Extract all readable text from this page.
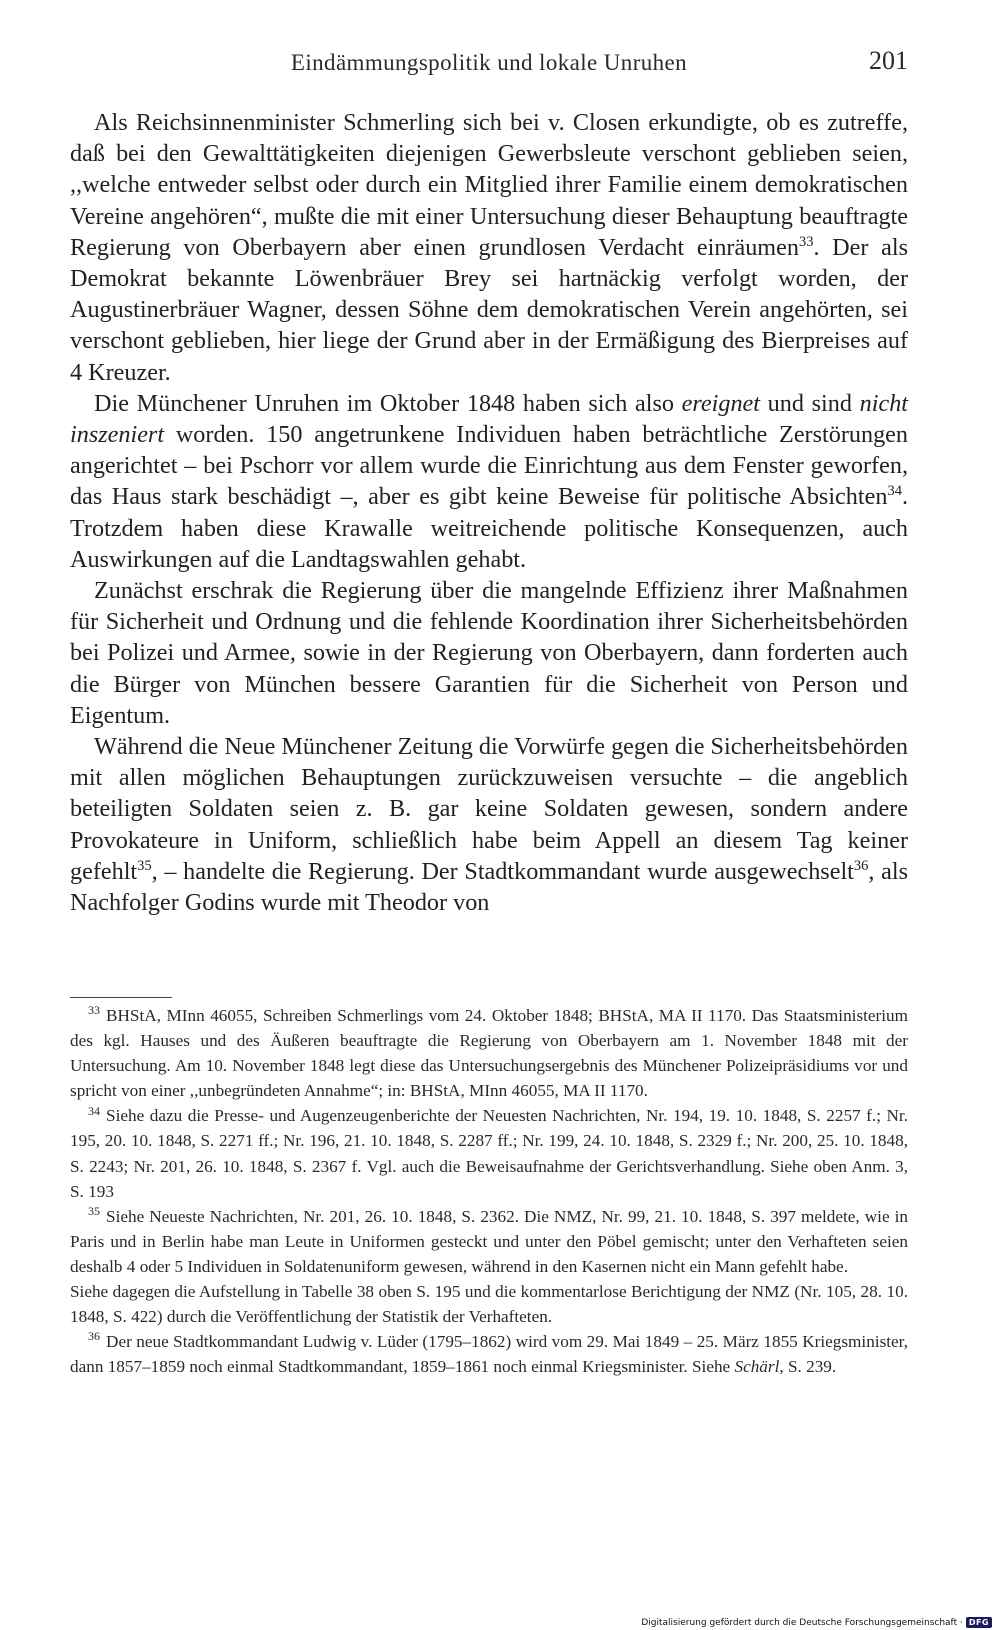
Eindämmungspolitik und lokale Unruhen	201

Als Reichsinnenminister Schmerling sich bei v. Closen erkundigte, ob es zutreffe, daß bei den Gewalttätigkeiten diejenigen Gewerbsleute verschont geblieben seien, ,,welche entweder selbst oder durch ein Mitglied ihrer Familie einem demokratischen Vereine angehören“, mußte die mit einer Untersuchung dieser Behauptung beauftragte Regierung von Oberbayern aber einen grundlosen Verdacht einräumen$^{33}$. Der als Demokrat bekannte Löwenbräuer Brey sei hartnäckig verfolgt worden, der Augustinerbräuer Wagner, dessen Söhne dem demokratischen Verein angehörten, sei verschont geblieben, hier liege der Grund aber in der Ermäßigung des Bierpreises auf 4 Kreuzer.

Die Münchener Unruhen im Oktober 1848 haben sich also ereignet und sind nicht inszeniert worden. 150 angetrunkene Individuen haben beträchtliche Zerstörungen angerichtet – bei Pschorr vor allem wurde die Einrichtung aus dem Fenster geworfen, das Haus stark beschädigt –, aber es gibt keine Beweise für politische Absichten$^{34}$. Trotzdem haben diese Krawalle weitreichende politische Konsequenzen, auch Auswirkungen auf die Landtagswahlen gehabt.

Zunächst erschrak die Regierung über die mangelnde Effizienz ihrer Maßnahmen für Sicherheit und Ordnung und die fehlende Koordination ihrer Sicherheitsbehörden bei Polizei und Armee, sowie in der Regierung von Oberbayern, dann forderten auch die Bürger von München bessere Garantien für die Sicherheit von Person und Eigentum.

Während die Neue Münchener Zeitung die Vorwürfe gegen die Sicherheitsbehörden mit allen möglichen Behauptungen zurückzuweisen versuchte – die angeblich beteiligten Soldaten seien z. B. gar keine Soldaten gewesen, sondern andere Provokateure in Uniform, schließlich habe beim Appell an diesem Tag keiner gefehlt$^{35}$, – handelte die Regierung. Der Stadtkommandant wurde ausgewechselt$^{36}$, als Nachfolger Godins wurde mit Theodor von

$^{33}$ BHStA, MInn 46055, Schreiben Schmerlings vom 24. Oktober 1848; BHStA, MA II 1170. Das Staatsministerium des kgl. Hauses und des Äußeren beauftragte die Regierung von Oberbayern am 1. November 1848 mit der Untersuchung. Am 10. November 1848 legt diese das Untersuchungsergebnis des Münchener Polizeipräsidiums vor und spricht von einer ,,unbegründeten Annahme“; in: BHStA, MInn 46055, MA II 1170.

$^{34}$ Siehe dazu die Presse- und Augenzeugenberichte der Neuesten Nachrichten, Nr. 194, 19. 10. 1848, S. 2257 f.; Nr. 195, 20. 10. 1848, S. 2271 ff.; Nr. 196, 21. 10. 1848, S. 2287 ff.; Nr. 199, 24. 10. 1848, S. 2329 f.; Nr. 200, 25. 10. 1848, S. 2243; Nr. 201, 26. 10. 1848, S. 2367 f. Vgl. auch die Beweisaufnahme der Gerichtsverhandlung. Siehe oben Anm. 3, S. 193

$^{35}$ Siehe Neueste Nachrichten, Nr. 201, 26. 10. 1848, S. 2362. Die NMZ, Nr. 99, 21. 10. 1848, S. 397 meldete, wie in Paris und in Berlin habe man Leute in Uniformen gesteckt und unter den Pöbel gemischt; unter den Verhafteten seien deshalb 4 oder 5 Individuen in Soldatenuniform gewesen, während in den Kasernen nicht ein Mann gefehlt habe.

Siehe dagegen die Aufstellung in Tabelle 38 oben S. 195 und die kommentarlose Berichtigung der NMZ (Nr. 105, 28. 10. 1848, S. 422) durch die Veröffentlichung der Statistik der Verhafteten.

$^{36}$ Der neue Stadtkommandant Ludwig v. Lüder (1795–1862) wird vom 29. Mai 1849 – 25. März 1855 Kriegsminister, dann 1857–1859 noch einmal Stadtkommandant, 1859–1861 noch einmal Kriegsminister. Siehe Schärl, S. 239.

Digitalisierung gefördert durch die Deutsche Forschungsgemeinschaft · DFG
